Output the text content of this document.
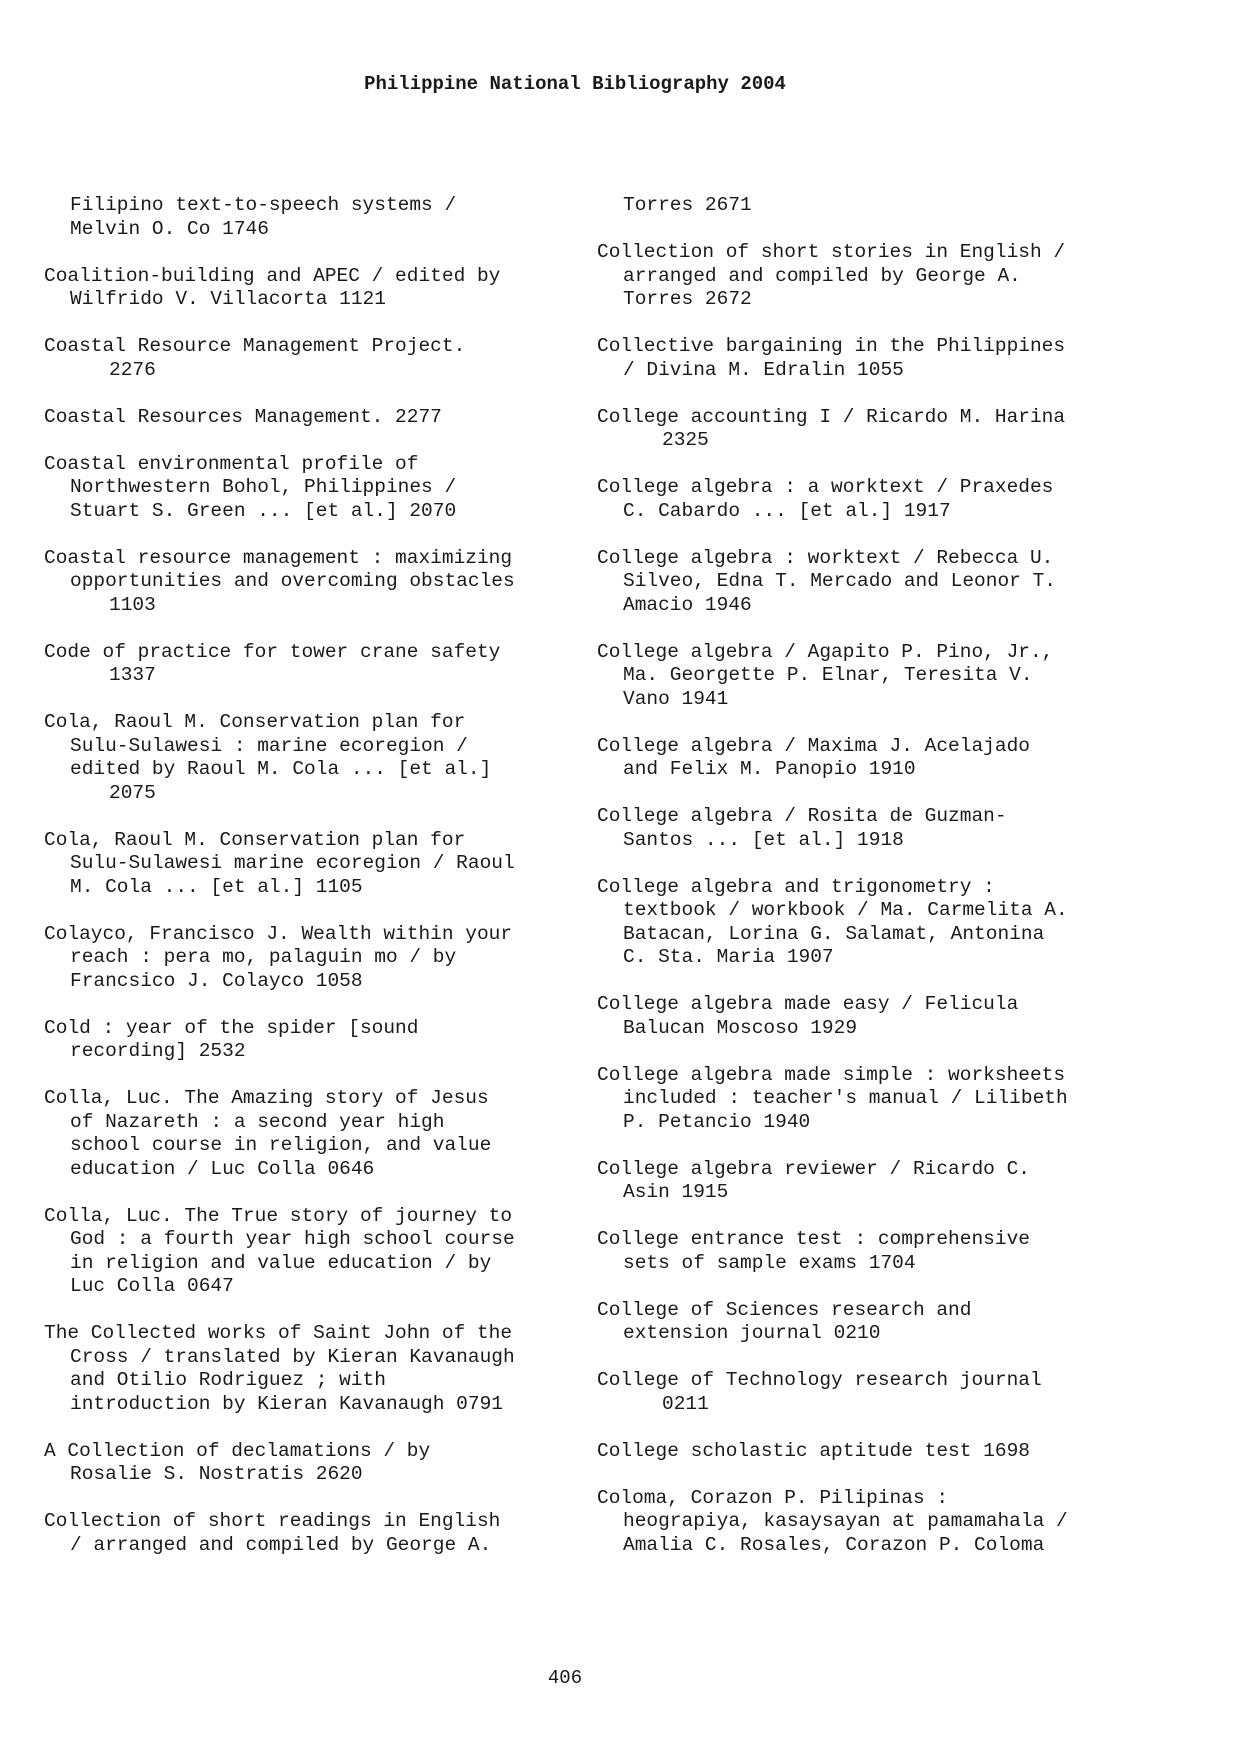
Philippine National Bibliography 2004
Filipino text-to-speech systems /
Melvin O. Co 1746
Coalition-building and APEC / edited by
Wilfrido V. Villacorta 1121
Coastal Resource Management Project.
2276
Coastal Resources Management. 2277
Coastal environmental profile of
Northwestern Bohol, Philippines /
Stuart S. Green ... [et al.] 2070
Coastal resource management : maximizing
opportunities and overcoming obstacles
1103
Code of practice for tower crane safety
1337
Cola, Raoul M. Conservation plan for
Sulu-Sulawesi : marine ecoregion /
edited by Raoul M. Cola ... [et al.]
2075
Cola, Raoul M. Conservation plan for
Sulu-Sulawesi marine ecoregion / Raoul
M. Cola ... [et al.] 1105
Colayco, Francisco J. Wealth within your
reach : pera mo, palaguin mo / by
Francsico J. Colayco 1058
Cold : year of the spider [sound
recording] 2532
Colla, Luc. The Amazing story of Jesus
of Nazareth : a second year high
school course in religion, and value
education / Luc Colla 0646
Colla, Luc. The True story of journey to
God : a fourth year high school course
in religion and value education / by
Luc Colla 0647
The Collected works of Saint John of the
Cross / translated by Kieran Kavanaugh
and Otilio Rodriguez ; with
introduction by Kieran Kavanaugh 0791
A Collection of declamations / by
Rosalie S. Nostratis 2620
Collection of short readings in English
/ arranged and compiled by George A.
Torres 2671
Collection of short stories in English /
arranged and compiled by George A.
Torres 2672
Collective bargaining in the Philippines
/ Divina M. Edralin 1055
College accounting I / Ricardo M. Harina
2325
College algebra : a worktext / Praxedes
C. Cabardo ... [et al.] 1917
College algebra : worktext / Rebecca U.
Silveo, Edna T. Mercado and Leonor T.
Amacio 1946
College algebra / Agapito P. Pino, Jr.,
Ma. Georgette P. Elnar, Teresita V.
Vano 1941
College algebra / Maxima J. Acelajado
and Felix M. Panopio 1910
College algebra / Rosita de Guzman-
Santos ... [et al.] 1918
College algebra and trigonometry :
textbook / workbook / Ma. Carmelita A.
Batacan, Lorina G. Salamat, Antonina
C. Sta. Maria 1907
College algebra made easy / Felicula
Balucan Moscoso 1929
College algebra made simple : worksheets
included : teacher's manual / Lilibeth
P. Petancio 1940
College algebra reviewer / Ricardo C.
Asin 1915
College entrance test : comprehensive
sets of sample exams 1704
College of Sciences research and
extension journal 0210
College of Technology research journal
0211
College scholastic aptitude test 1698
Coloma, Corazon P. Pilipinas :
heograpiya, kasaysayan at pamamahala /
Amalia C. Rosales, Corazon P. Coloma
406
